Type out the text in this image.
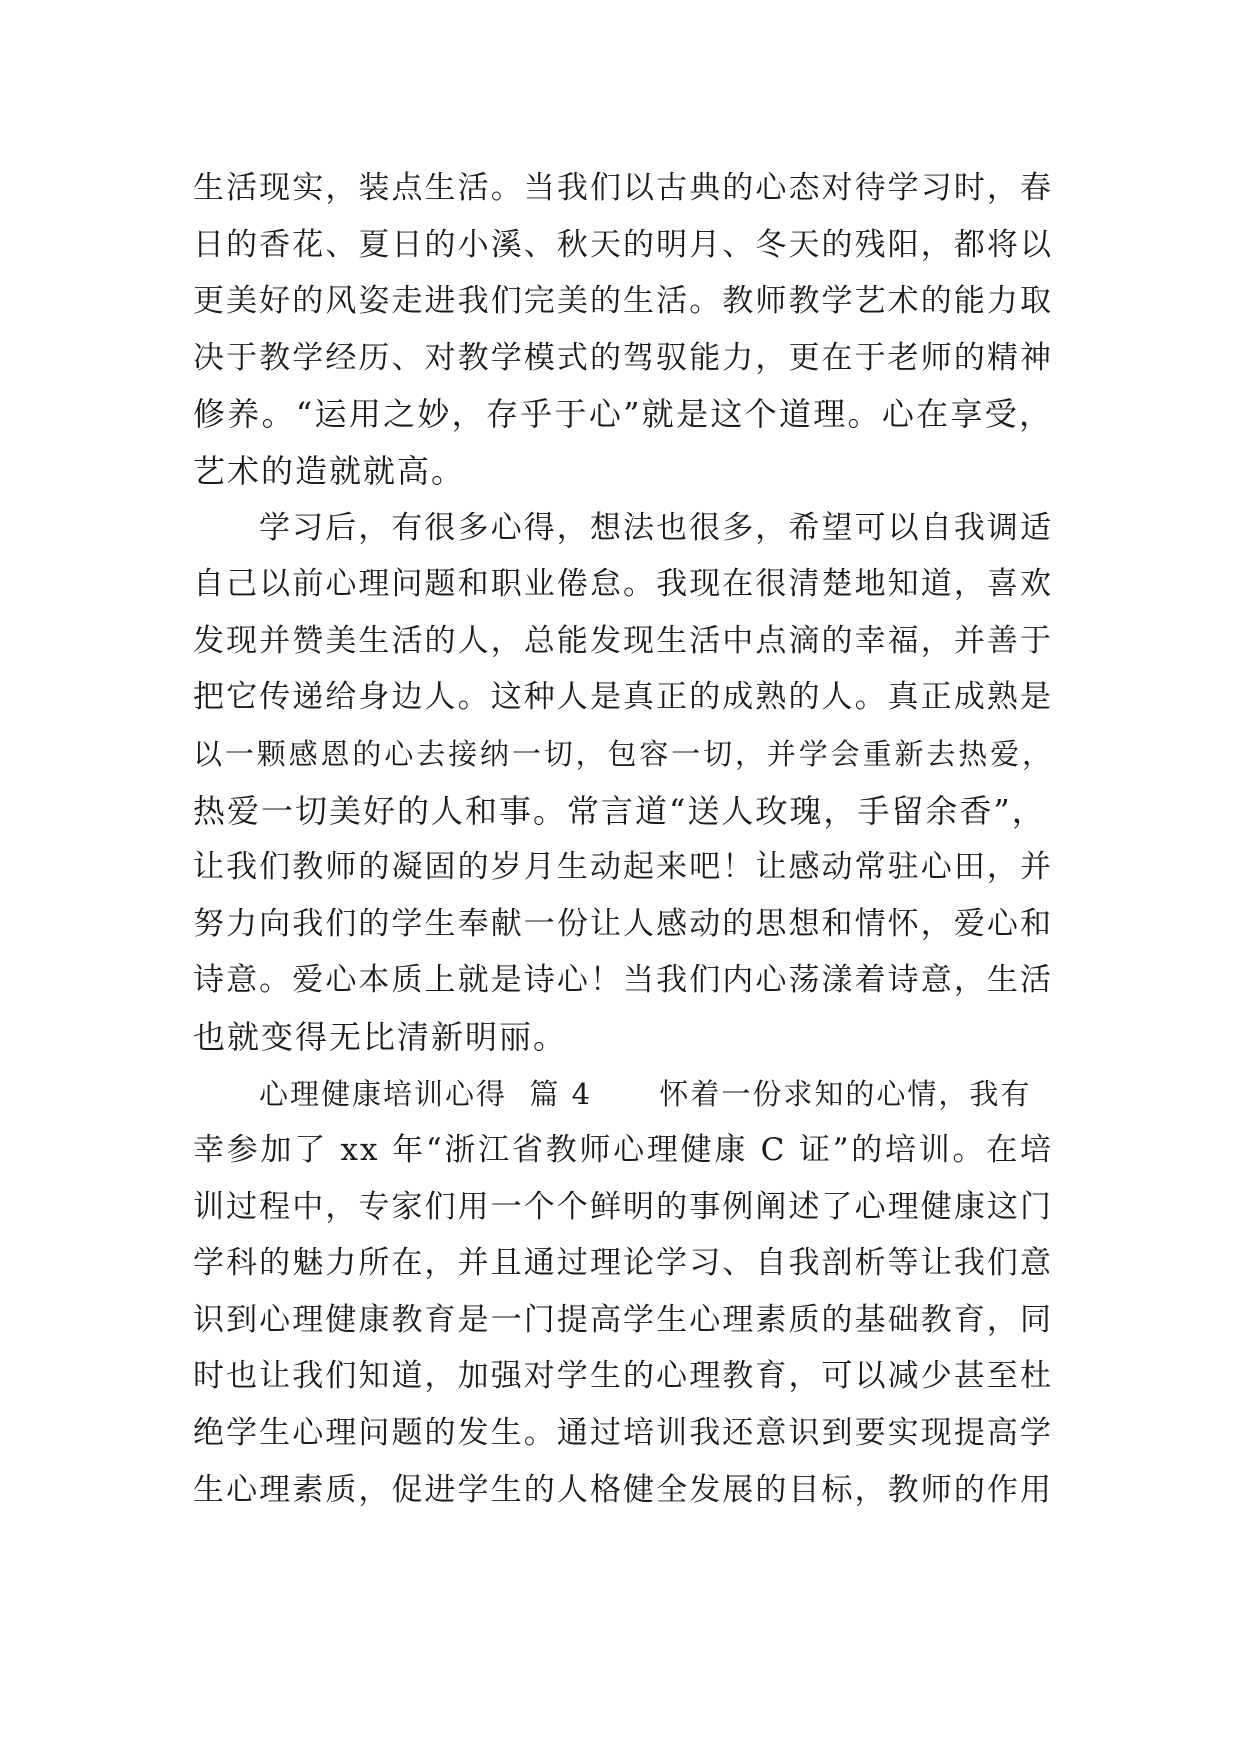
生活现实，装点生活。当我们以古典的心态对待学习时，春
日的香花、夏日的小溪、秋天的明月、冬天的残阳，都将以
更美好的风姿走进我们完美的生活。教师教学艺术的能力取
决于教学经历、对教学模式的驾驭能力，更在于老师的精神
修养。“运用之妙，存乎于心”就是这个道理。心在享受，
艺术的造就就高。
学习后，有很多心得，想法也很多，希望可以自我调适
自己以前心理问题和职业倦怠。我现在很清楚地知道，喜欢
发现并赞美生活的人，总能发现生活中点滴的幸福，并善于
把它传递给身边人。这种人是真正的成熟的人。真正成熟是
以一颗感恩的心去接纳一切，包容一切，并学会重新去热爱，
热爱一切美好的人和事。常言道“送人玫瑰，手留余香”，
让我们教师的凝固的岁月生动起来吧！让感动常驻心田，并
努力向我们的学生奉献一份让人感动的思想和情怀，爱心和
诗意。爱心本质上就是诗心！当我们内心荡漾着诗意，生活
也就变得无比清新明丽。
心理健康培训心得  篇 4      怀着一份求知的心情，我有
幸参加了 xx 年“浙江省教师心理健康 C 证”的培训。在培
训过程中，专家们用一个个鲜明的事例阐述了心理健康这门
学科的魅力所在，并且通过理论学习、自我剖析等让我们意
识到心理健康教育是一门提高学生心理素质的基础教育，同
时也让我们知道，加强对学生的心理教育，可以减少甚至杜
绝学生心理问题的发生。通过培训我还意识到要实现提高学
生心理素质，促进学生的人格健全发展的目标，教师的作用
